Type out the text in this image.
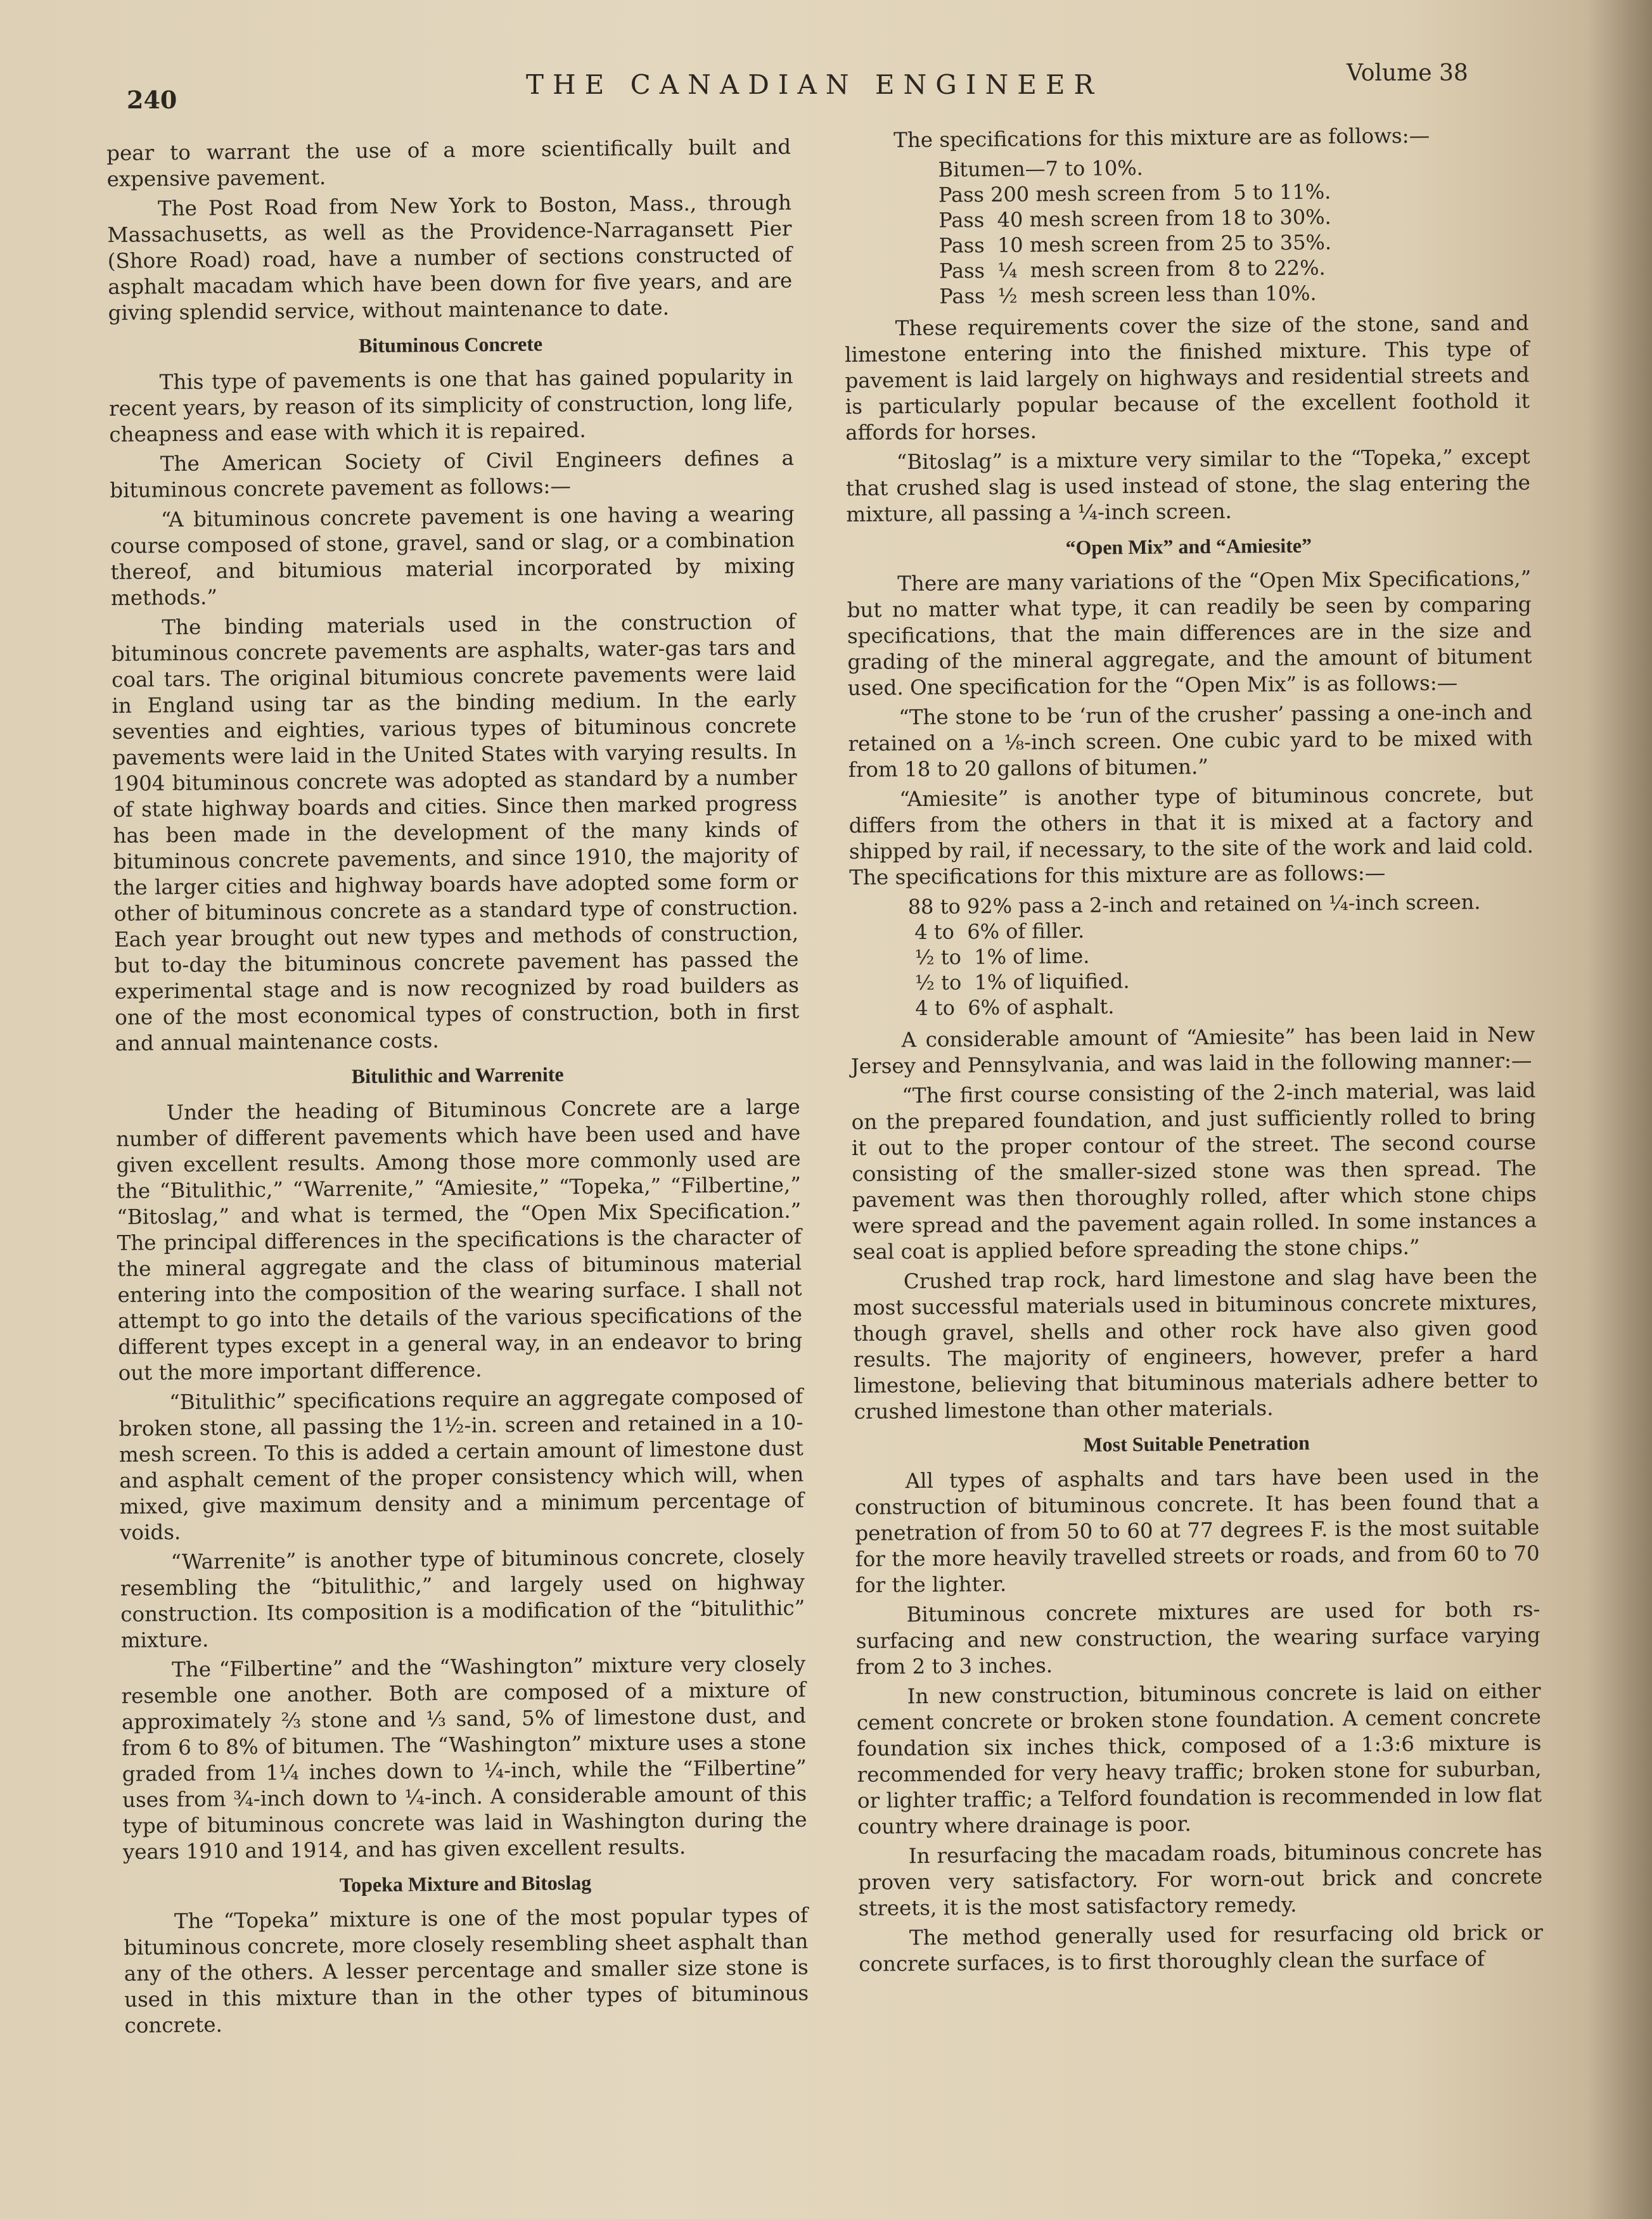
240	THE CANADIAN ENGINEER	Volume 38

pear to warrant the use of a more scientifically built and expensive pavement.

The Post Road from New York to Boston, Mass., through Massachusetts, as well as the Providence-Narragansett Pier (Shore Road) road, have a number of sections constructed of asphalt macadam which have been down for five years, and are giving splendid service, without maintenance to date.

Bituminous Concrete

This type of pavements is one that has gained popularity in recent years, by reason of its simplicity of construction, long life, cheapness and ease with which it is repaired.

The American Society of Civil Engineers defines a bituminous concrete pavement as follows:—

“A bituminous concrete pavement is one having a wearing course composed of stone, gravel, sand or slag, or a combination thereof, and bitumious material incorporated by mixing methods.”

The binding materials used in the construction of bituminous concrete pavements are asphalts, water-gas tars and coal tars. The original bitumious concrete pavements were laid in England using tar as the binding medium. In the early seventies and eighties, various types of bituminous concrete pavements were laid in the United States with varying results. In 1904 bituminous concrete was adopted as standard by a number of state highway boards and cities. Since then marked progress has been made in the development of the many kinds of bituminous concrete pavements, and since 1910, the majority of the larger cities and highway boards have adopted some form or other of bituminous concrete as a standard type of construction. Each year brought out new types and methods of construction, but to-day the bituminous concrete pavement has passed the experimental stage and is now recognized by road builders as one of the most economical types of construction, both in first and annual maintenance costs.

Bitulithic and Warrenite

Under the heading of Bituminous Concrete are a large number of different pavements which have been used and have given excellent results. Among those more commonly used are the “Bitulithic,” “Warrenite,” “Amiesite,” “Topeka,” “Filbertine,” “Bitoslag,” and what is termed, the “Open Mix Specification.” The principal differences in the specifications is the character of the mineral aggregate and the class of bituminous material entering into the composition of the wearing surface. I shall not attempt to go into the details of the various specifications of the different types except in a general way, in an endeavor to bring out the more important difference.

“Bitulithic” specifications require an aggregate composed of broken stone, all passing the 1½-in. screen and retained in a 10-mesh screen. To this is added a certain amount of limestone dust and asphalt cement of the proper consistency which will, when mixed, give maximum density and a minimum percentage of voids.

“Warrenite” is another type of bituminous concrete, closely resembling the “bitulithic,” and largely used on highway construction. Its composition is a modification of the “bitulithic” mixture.

The “Filbertine” and the “Washington” mixture very closely resemble one another. Both are composed of a mixture of approximately ⅔ stone and ⅓ sand, 5% of limestone dust, and from 6 to 8% of bitumen. The “Washington” mixture uses a stone graded from 1¼ inches down to ¼-inch, while the “Filbertine” uses from ¾-inch down to ¼-inch. A considerable amount of this type of bituminous concrete was laid in Washington during the years 1910 and 1914, and has given excellent results.

Topeka Mixture and Bitoslag

The “Topeka” mixture is one of the most popular types of bituminous concrete, more closely resembling sheet asphalt than any of the others. A lesser percentage and smaller size stone is used in this mixture than in the other types of bituminous concrete.

The specifications for this mixture are as follows:—

Bitumen—7 to 10%.
Pass 200 mesh screen from  5 to 11%.
Pass  40 mesh screen from 18 to 30%.
Pass  10 mesh screen from 25 to 35%.
Pass  ¼  mesh screen from  8 to 22%.
Pass  ½  mesh screen less than 10%.

These requirements cover the size of the stone, sand and limestone entering into the finished mixture. This type of pavement is laid largely on highways and residential streets and is particularly popular because of the excellent foothold it affords for horses.

“Bitoslag” is a mixture very similar to the “Topeka,” except that crushed slag is used instead of stone, the slag entering the mixture, all passing a ¼-inch screen.

“Open Mix” and “Amiesite”

There are many variations of the “Open Mix Specifications,” but no matter what type, it can readily be seen by comparing specifications, that the main differences are in the size and grading of the mineral aggregate, and the amount of bitument used. One specification for the “Open Mix” is as follows:—

“The stone to be ‘run of the crusher’ passing a one-inch and retained on a ⅛-inch screen. One cubic yard to be mixed with from 18 to 20 gallons of bitumen.”

“Amiesite” is another type of bituminous concrete, but differs from the others in that it is mixed at a factory and shipped by rail, if necessary, to the site of the work and laid cold. The specifications for this mixture are as follows:—

88 to 92% pass a 2-inch and retained on ¼-inch screen.
4 to  6% of filler.
½ to  1% of lime.
½ to  1% of liquified.
4 to  6% of asphalt.

A considerable amount of “Amiesite” has been laid in New Jersey and Pennsylvania, and was laid in the following manner:—

“The first course consisting of the 2-inch material, was laid on the prepared foundation, and just sufficiently rolled to bring it out to the proper contour of the street. The second course consisting of the smaller-sized stone was then spread. The pavement was then thoroughly rolled, after which stone chips were spread and the pavement again rolled. In some instances a seal coat is applied before spreading the stone chips.”

Crushed trap rock, hard limestone and slag have been the most successful materials used in bituminous concrete mixtures, though gravel, shells and other rock have also given good results. The majority of engineers, however, prefer a hard limestone, believing that bituminous materials adhere better to crushed limestone than other materials.

Most Suitable Penetration

All types of asphalts and tars have been used in the construction of bituminous concrete. It has been found that a penetration of from 50 to 60 at 77 degrees F. is the most suitable for the more heavily travelled streets or roads, and from 60 to 70 for the lighter.

Bituminous concrete mixtures are used for both rs-surfacing and new construction, the wearing surface varying from 2 to 3 inches.

In new construction, bituminous concrete is laid on either cement concrete or broken stone foundation. A cement concrete foundation six inches thick, composed of a 1:3:6 mixture is recommended for very heavy traffic; broken stone for suburban, or lighter traffic; a Telford foundation is recommended in low flat country where drainage is poor.

In resurfacing the macadam roads, bituminous concrete has proven very satisfactory. For worn-out brick and concrete streets, it is the most satisfactory remedy.

The method generally used for resurfacing old brick or concrete surfaces, is to first thoroughly clean the surface of
